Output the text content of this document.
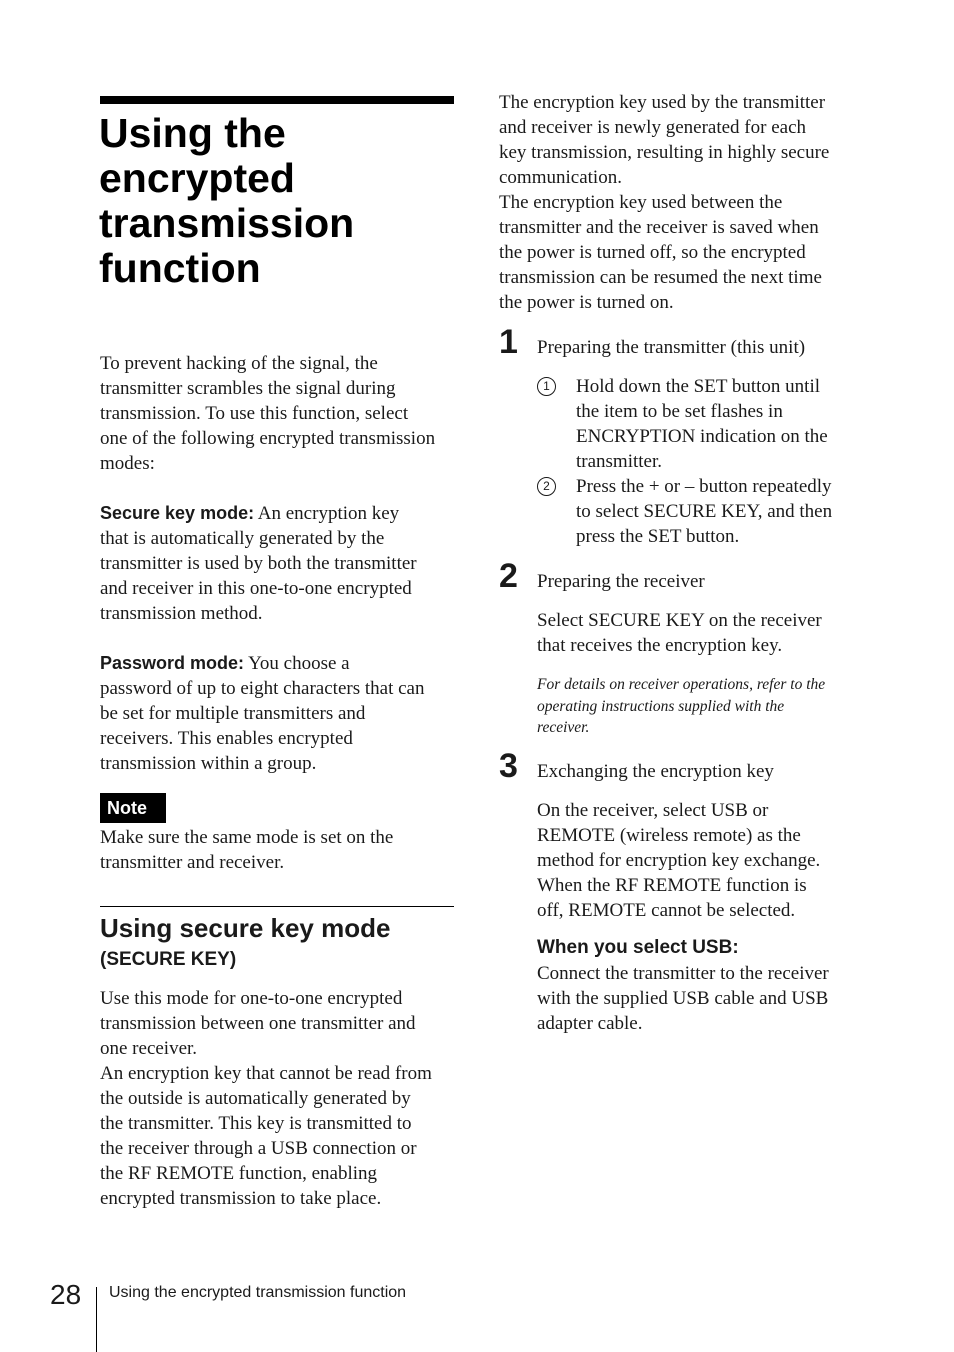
Using the
encrypted
transmission
function

To prevent hacking of the signal, the
transmitter scrambles the signal during
transmission. To use this function, select
one of the following encrypted transmission
modes:

Secure key mode: An encryption key
that is automatically generated by the
transmitter is used by both the transmitter
and receiver in this one-to-one encrypted
transmission method.

Password mode: You choose a
password of up to eight characters that can
be set for multiple transmitters and
receivers. This enables encrypted
transmission within a group.

Note

Make sure the same mode is set on the
transmitter and receiver.

Using secure key mode
(SECURE KEY)

Use this mode for one-to-one encrypted
transmission between one transmitter and
one receiver.
An encryption key that cannot be read from
the outside is automatically generated by
the transmitter. This key is transmitted to
the receiver through a USB connection or
the RF REMOTE function, enabling
encrypted transmission to take place.

The encryption key used by the transmitter
and receiver is newly generated for each
key transmission, resulting in highly secure
communication.
The encryption key used between the
transmitter and the receiver is saved when
the power is turned off, so the encrypted
transmission can be resumed the next time
the power is turned on.

1 Preparing the transmitter (this unit)
1	Hold down the SET button until
the item to be set flashes in
ENCRYPTION indication on the
transmitter.
2	Press the + or – button repeatedly
to select SECURE KEY, and then
press the SET button.
2 Preparing the receiver

Select SECURE KEY on the receiver
that receives the encryption key.

For details on receiver operations, refer to the
operating instructions supplied with the
receiver.

3 Exchanging the encryption key

On the receiver, select USB or
REMOTE (wireless remote) as the
method for encryption key exchange.
When the RF REMOTE function is
off, REMOTE cannot be selected.

When you select USB:

Connect the transmitter to the receiver
with the supplied USB cable and USB
adapter cable.

28 Using the encrypted transmission function
